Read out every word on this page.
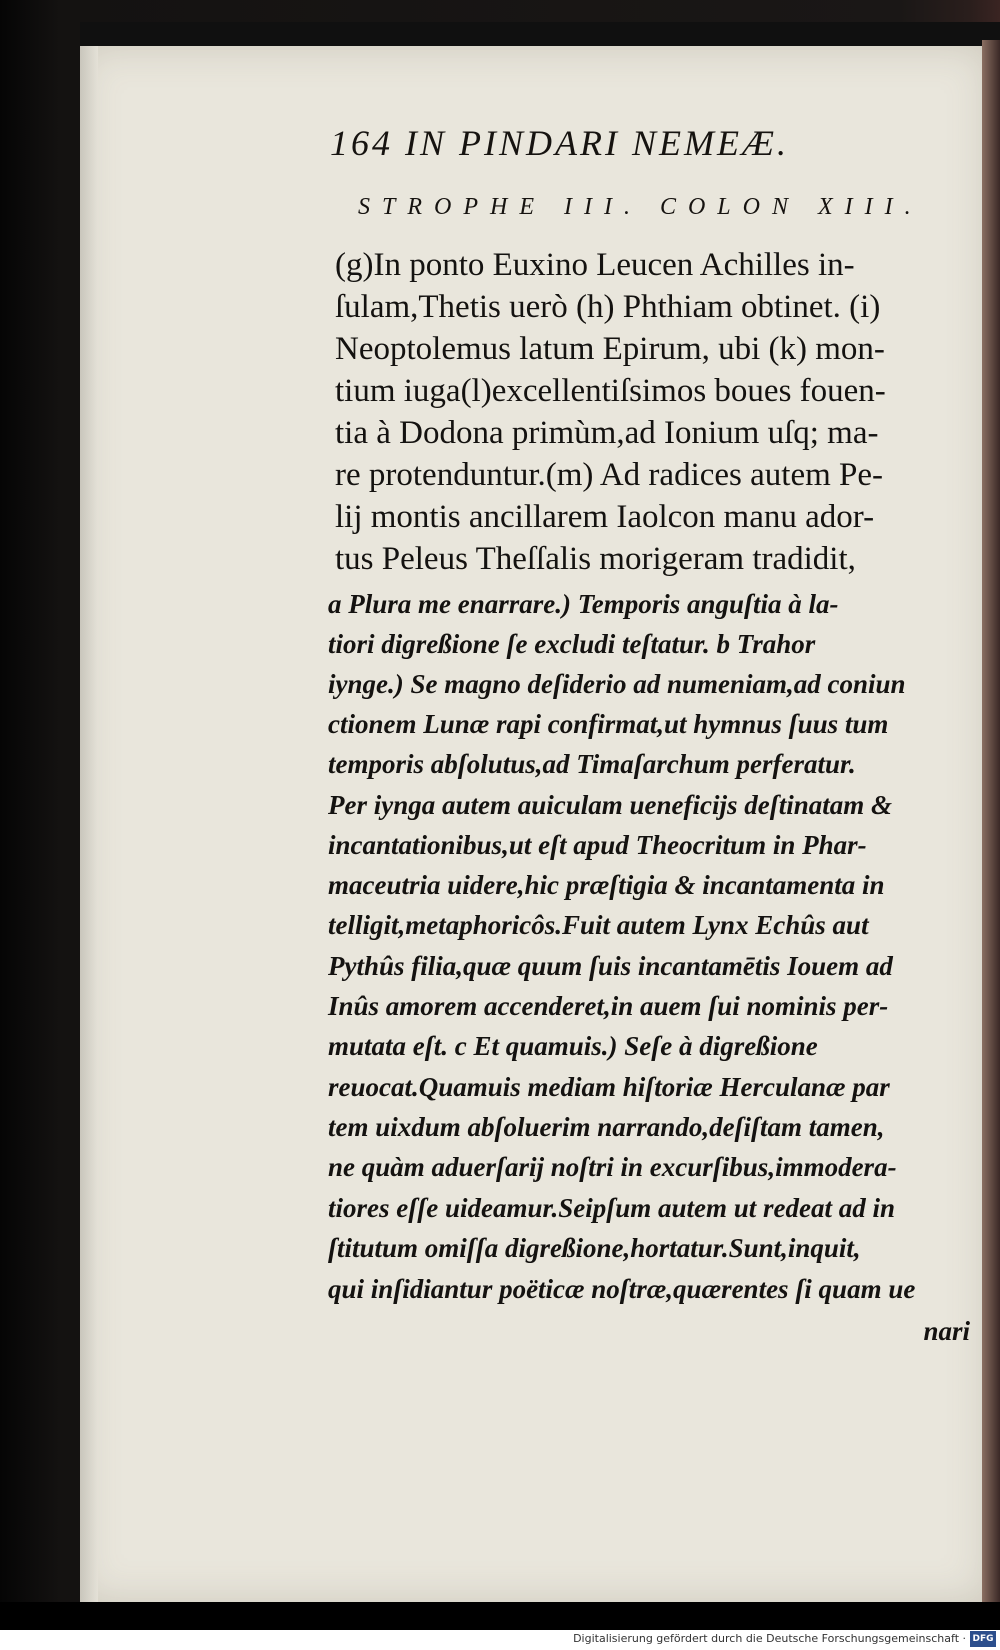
164 IN PINDARI NEMEÆ.
STROPHE III. COLON XIII.
(g)In ponto Euxino Leucen Achilles in-
ſulam,Thetis uerò (h) Phthiam obtinet. (i)
Neoptolemus latum Epirum, ubi (k) mon-
tium iuga(l)excellentiſsimos boues fouen-
tia à Dodona primùm,ad Ionium uſq; ma-
re protenduntur.(m) Ad radices autem Pe-
lij montis ancillarem Iaolcon manu ador-
tus Peleus Theſſalis morigeram tradidit,
a Plura me enarrare.) Temporis anguſtia à la-
tiori digreßione ſe excludi teſtatur. b Trahor
iynge.) Se magno deſiderio ad numeniam,ad coniun
ctionem Lunæ rapi confirmat,ut hymnus ſuus tum
temporis abſolutus,ad Timaſarchum perferatur.
Per iynga autem auiculam ueneficijs deſtinatam &
incantationibus,ut eſt apud Theocritum in Phar-
maceutria uidere,hic præſtigia & incantamenta in
telligit,metaphoricôs.Fuit autem Lynx Echûs aut
Pythûs filia,quæ quum ſuis incantamētis Iouem ad
Inûs amorem accenderet,in auem ſui nominis per-
mutata eſt. c Et quamuis.) Seſe à digreßione
reuocat.Quamuis mediam hiſtoriæ Herculanæ par
tem uixdum abſoluerim narrando,deſiſtam tamen,
ne quàm aduerſarij noſtri in excurſibus,immodera-
tiores eſſe uideamur.Seipſum autem ut redeat ad in
ſtitutum omiſſa digreßione,hortatur.Sunt,inquit,
qui inſidiantur poëticæ noſtræ,quærentes ſi quam ue
nari
Digitalisierung gefördert durch die Deutsche Forschungsgemeinschaft · DFG
